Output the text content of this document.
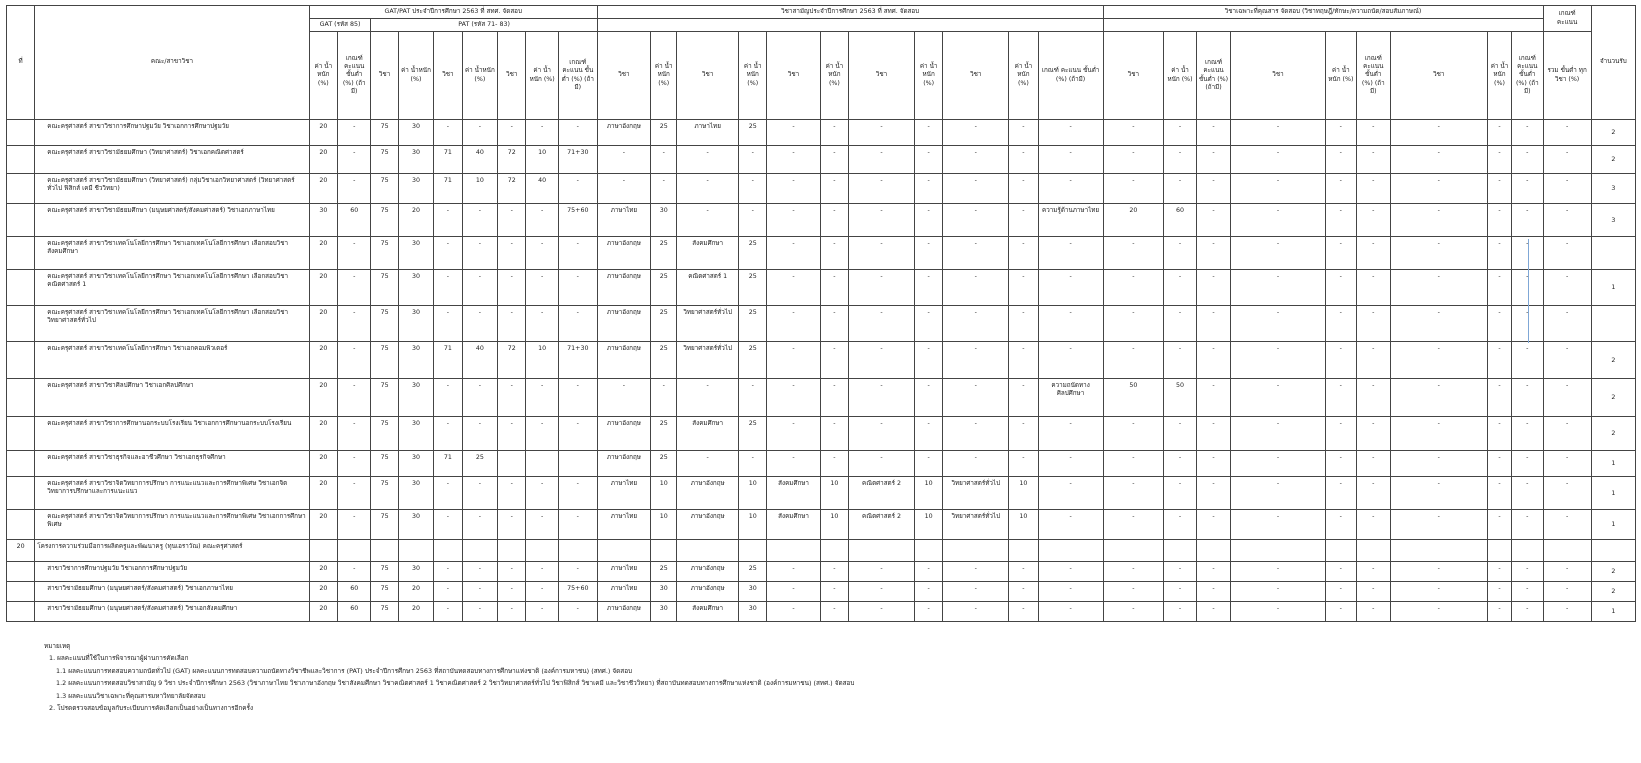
ที่	คณะ/สาขาวิชา	GAT/PAT ประจำปีการศึกษา 2563 ที่ สทศ. จัดสอบ									วิชาสามัญประจำปีการศึกษา 2563 ที่ สทศ. จัดสอบ											วิชาเฉพาะที่คุณสาร จัดสอบ (วิชาทฤษฎี/ทักษะ/ความถนัด/สอบสัมภาษณ์)									เกณฑ์
คะแนน	จำนวนรับ
		GAT (รหัส 85)		PAT (รหัส 71- 83)																												
		ค่า น้ำหนัก (%)	เกณฑ์ คะแนน ขั้นต่ำ (%) (ถ้ามี)	วิชา	ค่า น้ำหนัก (%)	วิชา	ค่า น้ำหนัก (%)	วิชา	ค่า น้ำหนัก (%)	เกณฑ์ คะแนน ขั้นต่ำ (%) (ถ้ามี)	วิชา	ค่า น้ำหนัก (%)	วิชา	ค่า น้ำหนัก (%)	วิชา	ค่า น้ำหนัก (%)	วิชา	ค่า น้ำหนัก (%)	วิชา	ค่า น้ำหนัก (%)	เกณฑ์ คะแนน ขั้นต่ำ (%) (ถ้ามี)	วิชา	ค่า น้ำหนัก (%)	เกณฑ์ คะแนน ขั้นต่ำ (%) (ถ้ามี)	วิชา	ค่า น้ำหนัก (%)	เกณฑ์ คะแนน ขั้นต่ำ (%) (ถ้ามี)	วิชา	ค่า น้ำหนัก (%)	เกณฑ์ คะแนน ขั้นต่ำ (%) (ถ้ามี)	รวม ขั้นต่ำ ทุกวิชา (%)	
	คณะครุศาสตร์ สาขาวิชาการศึกษาปฐมวัย วิชาเอกการศึกษาปฐมวัย	20	-	75	30	-	-	-	-	-	ภาษาอังกฤษ	25	ภาษาไทย	25	-	-	-	-	-	-	-	-	-	-	-	-	-	-	-	-	-	2
	คณะครุศาสตร์ สาขาวิชามัธยมศึกษา (วิทยาศาสตร์) วิชาเอกคณิตศาสตร์	20	-	75	30	71	40	72	10	71+30	-	-	-	-	-	-	-	-	-	-	-	-	-	-	-	-	-	-	-	-	-	2
	คณะครุศาสตร์ สาขาวิชามัธยมศึกษา (วิทยาศาสตร์) กลุ่มวิชาเอกวิทยาศาสตร์ (วิทยาศาสตร์ทั่วไป ฟิสิกส์ เคมี ชีววิทยา)	20	-	75	30	71	10	72	40	-	-	-	-	-	-	-	-	-	-	-	-	-	-	-	-	-	-	-	-	-	-	3
	คณะครุศาสตร์ สาขาวิชามัธยมศึกษา (มนุษยศาสตร์/สังคมศาสตร์) วิชาเอกภาษาไทย	30	60	75	20	-	-	-	-	75+60	ภาษาไทย	30	-	-	-	-	-	-	-	-	ความรู้ด้านภาษาไทย	20	60	-	-	-	-	-	-	-	-	3
	คณะครุศาสตร์ สาขาวิชาเทคโนโลยีการศึกษา วิชาเอกเทคโนโลยีการศึกษา เลือกสอบวิชาสังคมศึกษา	20	-	75	30	-	-	-	-	-	ภาษาอังกฤษ	25	สังคมศึกษา	25	-	-	-	-	-	-	-	-	-	-	-	-	-	-	-		-	
	คณะครุศาสตร์ สาขาวิชาเทคโนโลยีการศึกษา วิชาเอกเทคโนโลยีการศึกษา เลือกสอบวิชาคณิตศาสตร์ 1	20	-	75	30	-	-	-	-	-	ภาษาอังกฤษ	25	คณิตศาสตร์ 1	25	-	-	-	-	-	-	-	-	-	-	-	-	-	-	-		-	1
	คณะครุศาสตร์ สาขาวิชาเทคโนโลยีการศึกษา วิชาเอกเทคโนโลยีการศึกษา เลือกสอบวิชาวิทยาศาสตร์ทั่วไป	20	-	75	30	-	-	-	-	-	ภาษาอังกฤษ	25	วิทยาศาสตร์ทั่วไป	25	-	-	-	-	-	-	-	-	-	-	-	-	-	-	-		-	
	คณะครุศาสตร์ สาขาวิชาเทคโนโลยีการศึกษา วิชาเอกคอมพิวเตอร์	20	-	75	30	71	40	72	10	71+30	ภาษาอังกฤษ	25	วิทยาศาสตร์ทั่วไป	25	-	-	-	-	-	-	-	-	-	-	-	-	-	-	-	-	-	2
	คณะครุศาสตร์ สาขาวิชาศิลปศึกษา วิชาเอกศิลปศึกษา	20	-	75	30	-	-	-	-	-	-	-	-	-	-	-	-	-	-	-	ความถนัดทางศิลปศึกษา	50	50	-	-	-	-	-	-	-	-	2
	คณะครุศาสตร์ สาขาวิชาการศึกษานอกระบบโรงเรียน วิชาเอกการศึกษานอกระบบโรงเรียน	20	-	75	30	-	-	-	-	-	ภาษาอังกฤษ	25	สังคมศึกษา	25	-	-	-	-	-	-	-	-	-	-	-	-	-	-	-	-	-	2
	คณะครุศาสตร์ สาขาวิชาธุรกิจและอาชีวศึกษา วิชาเอกธุรกิจศึกษา	20	-	75	30	71	25				ภาษาอังกฤษ	25	-	-	-	-	-	-	-	-	-	-	-	-	-	-	-	-	-	-	-	1
	คณะครุศาสตร์ สาขาวิชาจิตวิทยาการปรึกษา การแนะแนวและการศึกษาพิเศษ วิชาเอกจิตวิทยาการปรึกษาและการแนะแนว	20	-	75	30	-	-	-	-	-	ภาษาไทย	10	ภาษาอังกฤษ	10	สังคมศึกษา	10	คณิตศาสตร์ 2	10	วิทยาศาสตร์ทั่วไป	10	-	-	-	-	-	-	-	-	-	-	-	1
	คณะครุศาสตร์ สาขาวิชาจิตวิทยาการปรึกษา การแนะแนวและการศึกษาพิเศษ วิชาเอกการศึกษาพิเศษ	20	-	75	30	-	-	-	-	-	ภาษาไทย	10	ภาษาอังกฤษ	10	สังคมศึกษา	10	คณิตศาสตร์ 2	10	วิทยาศาสตร์ทั่วไป	10	-	-	-	-	-	-	-	-	-	-	-	1
20	โครงการความร่วมมือการผลิตครูและพัฒนาครู (ทุนเอราวัณ) คณะครุศาสตร์																															
	สาขาวิชาการศึกษาปฐมวัย วิชาเอกการศึกษาปฐมวัย	20	-	75	30	-	-	-	-	-	ภาษาไทย	25	ภาษาอังกฤษ	25	-	-	-	-	-	-	-	-	-	-	-	-	-	-	-	-	-	2
	สาขาวิชามัธยมศึกษา (มนุษยศาสตร์/สังคมศาสตร์) วิชาเอกภาษาไทย	20	60	75	20	-	-	-	-	75+60	ภาษาไทย	30	ภาษาอังกฤษ	30	-	-	-	-	-	-	-	-	-	-	-	-	-	-	-	-	-	2
	สาขาวิชามัธยมศึกษา (มนุษยศาสตร์/สังคมศาสตร์) วิชาเอกสังคมศึกษา	20	60	75	20	-	-	-	-	-	ภาษาอังกฤษ	30	สังคมศึกษา	30	-	-	-	-	-	-	-	-	-	-	-	-	-	-	-	-	-	1
หมายเหตุ
1. ผลคะแนนที่ใช้ในการพิจารณาผู้ผ่านการคัดเลือก
1.1 ผลคะแนนการทดสอบความถนัดทั่วไป (GAT) ผลคะแนนการทดสอบความถนัดทางวิชาชีพและวิชาการ (PAT) ประจำปีการศึกษา 2563 ที่สถาบันทดสอบทางการศึกษาแห่งชาติ (องค์การมหาชน) (สทศ.) จัดสอบ
1.2 ผลคะแนนการทดสอบวิชาสามัญ 9 วิชา ประจำปีการศึกษา 2563 (วิชาภาษาไทย วิชาภาษาอังกฤษ วิชาสังคมศึกษา วิชาคณิตศาสตร์ 1 วิชาคณิตศาสตร์ 2 วิชาวิทยาศาสตร์ทั่วไป วิชาฟิสิกส์ วิชาเคมี และวิชาชีววิทยา) ที่สถาบันทดสอบทางการศึกษาแห่งชาติ (องค์การมหาชน) (สทศ.) จัดสอบ
1.3 ผลคะแนนวิชาเฉพาะที่คุณสารมหาวิทยาลัยจัดสอบ
2. โปรดตรวจสอบข้อมูลกับระเบียบการคัดเลือกเป็นอย่างเป็นทางการอีกครั้ง
